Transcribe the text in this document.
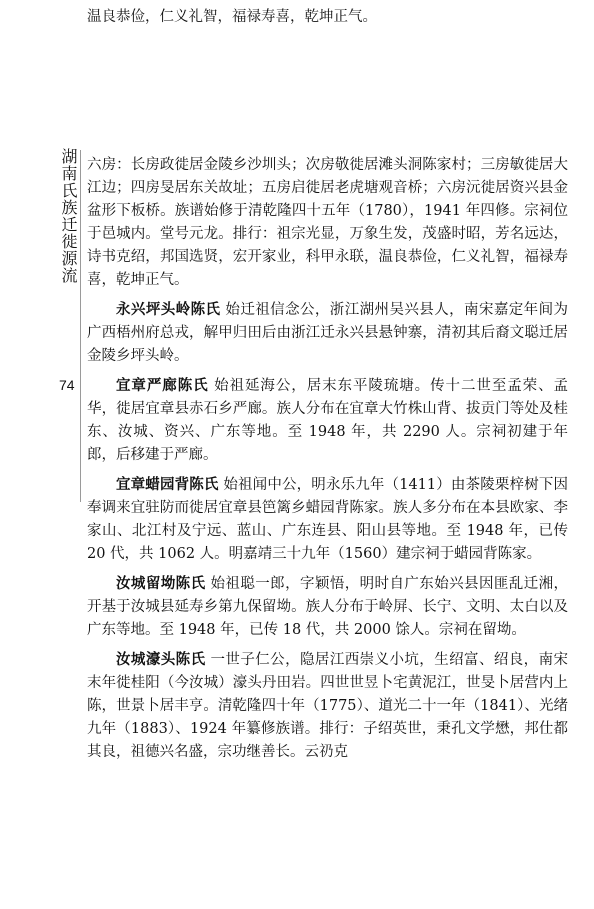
温良恭俭，仁义礼智，福禄寿喜，乾坤正气。

湖南氏族迁徙源流
74

六房：长房政徙居金陵乡沙圳头；次房敬徙居滩头洞陈家村；三房敏徙居大江边；四房旻居东关故址；五房启徙居老虎塘观音桥；六房沅徙居资兴县金盆形下板桥。族谱始修于清乾隆四十五年（1780），1941 年四修。宗祠位于邑城内。堂号元龙。排行：祖宗光显，万象生发，茂盛时昭，芳名远达，诗书克绍，邦国选贤，宏开家业，科甲永联，温良恭俭，仁义礼智，福禄寿喜，乾坤正气。

永兴坪头岭陈氏 始迁祖信念公，浙江湖州吴兴县人，南宋嘉定年间为广西梧州府总戎，解甲归田后由浙江迁永兴县悬钟寨，清初其后裔文聪迁居金陵乡坪头岭。

宜章严廊陈氏 始祖延海公，居末东平陵琉塘。传十二世至孟荣、孟华，徙居宜章县赤石乡严廊。族人分布在宜章大竹株山背、拔贡门等处及桂东、汝城、资兴、广东等地。至 1948 年，共 2290 人。宗祠初建于年郎，后移建于严廊。

宜章蜡园背陈氏 始祖闻中公，明永乐九年（1411）由茶陵栗梓树下因奉调来宜驻防而徙居宜章县笆篱乡蜡园背陈家。族人多分布在本县欧家、李家山、北江村及宁远、蓝山、广东连县、阳山县等地。至 1948 年，已传 20 代，共 1062 人。明嘉靖三十九年（1560）建宗祠于蜡园背陈家。

汝城留坳陈氏 始祖聪一郎，字颖悟，明时自广东始兴县因匪乱迁湘，开基于汝城县延寿乡第九保留坳。族人分布于岭屏、长宁、文明、太白以及广东等地。至 1948 年，已传 18 代，共 2000 馀人。宗祠在留坳。

汝城濠头陈氏 一世子仁公，隐居江西崇义小坑，生绍富、绍良，南宋末年徙桂阳（今汝城）濠头丹田岩。四世世昱卜宅黄泥江，世旻卜居营内上陈，世景卜居丰亨。清乾隆四十年（1775）、道光二十一年（1841）、光绪九年（1883）、1924 年纂修族谱。排行：子绍英世，秉孔文学懋，邦仕都其良，祖德兴名盛，宗功继善长。云礽克
